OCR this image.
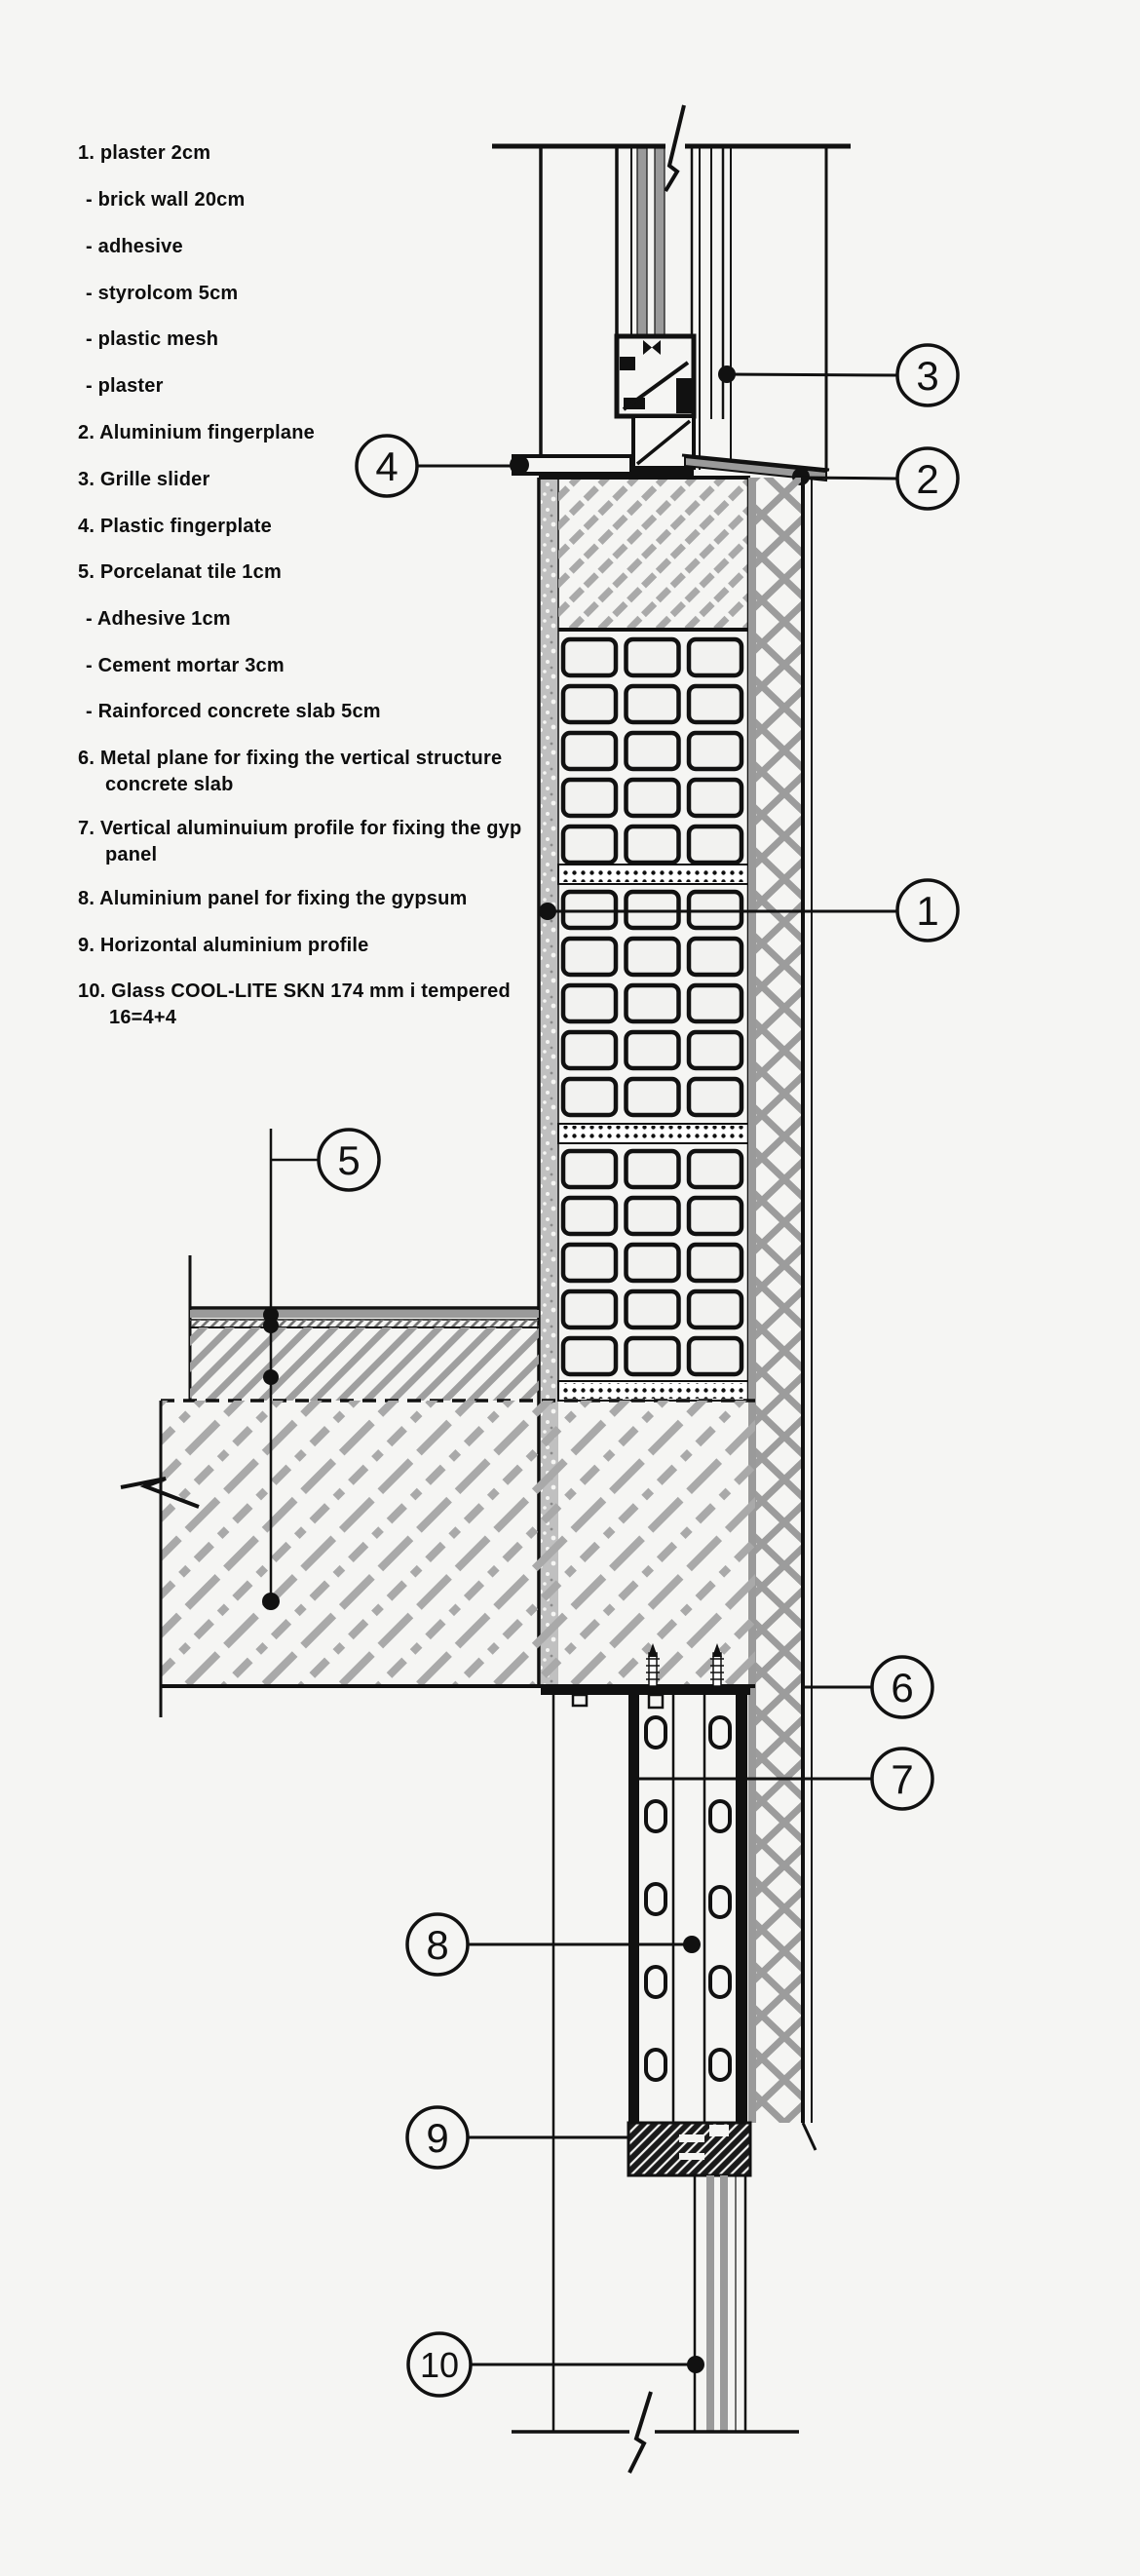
1. plaster 2cm
- brick wall 20cm
- adhesive
- styrolcom 5cm
- plastic mesh
- plaster
2. Aluminium fingerplane
3. Grille slider
4. Plastic fingerplate
5. Porcelanat tile 1cm
- Adhesive 1cm
- Cement mortar 3cm
- Rainforced concrete slab 5cm
6. Metal plane for fixing the vertical structure
concrete slab
7. Vertical aluminuium profile for fixing the gyp
panel
8. Aluminium panel for fixing the gypsum
9. Horizontal aluminium profile
10. Glass COOL-LITE SKN 174 mm i tempered
16=4+4
1
2
3
4
5
6
7
8
9
10
